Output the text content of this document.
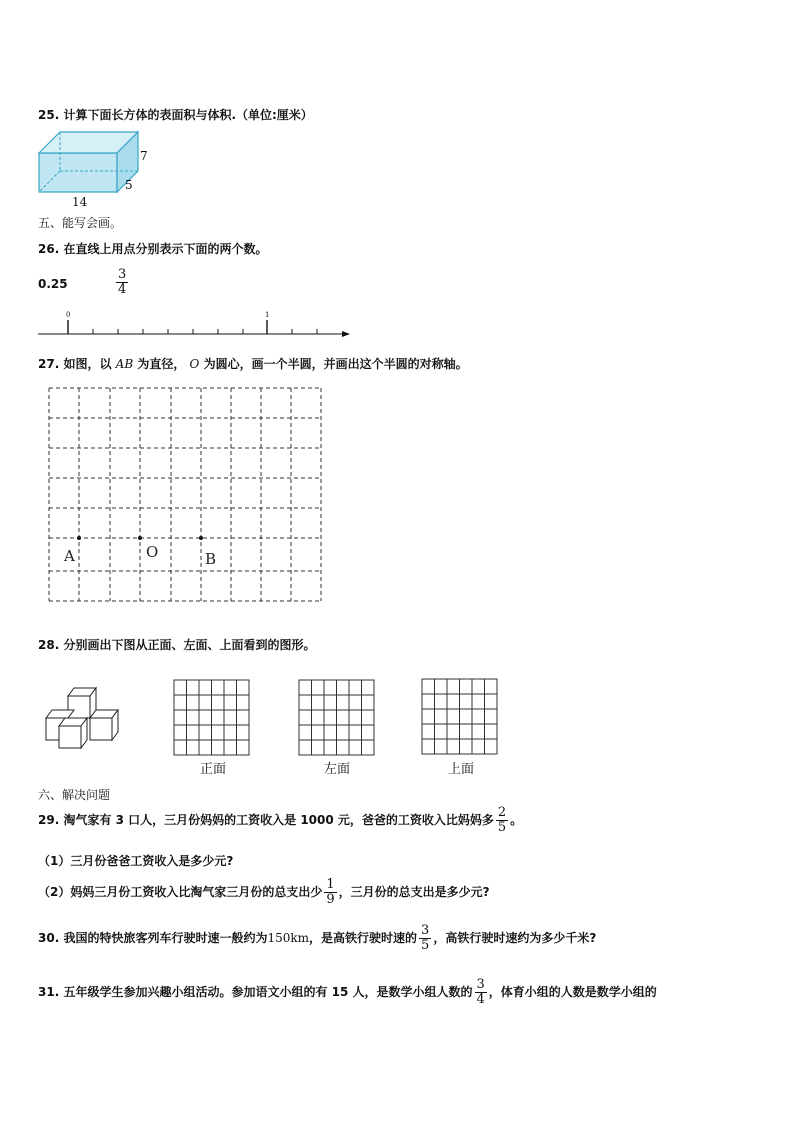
25. 计算下面长方体的表面积与体积.（单位:厘米）
7
5
14
五、能写会画。
26. 在直线上用点分别表示下面的两个数。
0.25	$\frac{3}{4}$
0	1
27. 如图，以 AB 为直径， O 为圆心，画一个半圆，并画出这个半圆的对称轴。
A	O	B
28. 分别画出下图从正面、左面、上面看到的图形。
正面	左面	上面
六、解决问题
29. 淘气家有 3 口人，三月份妈妈的工资收入是 1000 元，爸爸的工资收入比妈妈多 $\frac{2}{5}$ 。
（1）三月份爸爸工资收入是多少元?
（2）妈妈三月份工资收入比淘气家三月份的总支出少 $\frac{1}{9}$ ，三月份的总支出是多少元?
30. 我国的特快旅客列车行驶时速一般约为150km，是高铁行驶时速的 $\frac{3}{5}$ ，高铁行驶时速约为多少千米?
31. 五年级学生参加兴趣小组活动。参加语文小组的有 15 人，是数学小组人数的 $\frac{3}{4}$ ，体育小组的人数是数学小组的
